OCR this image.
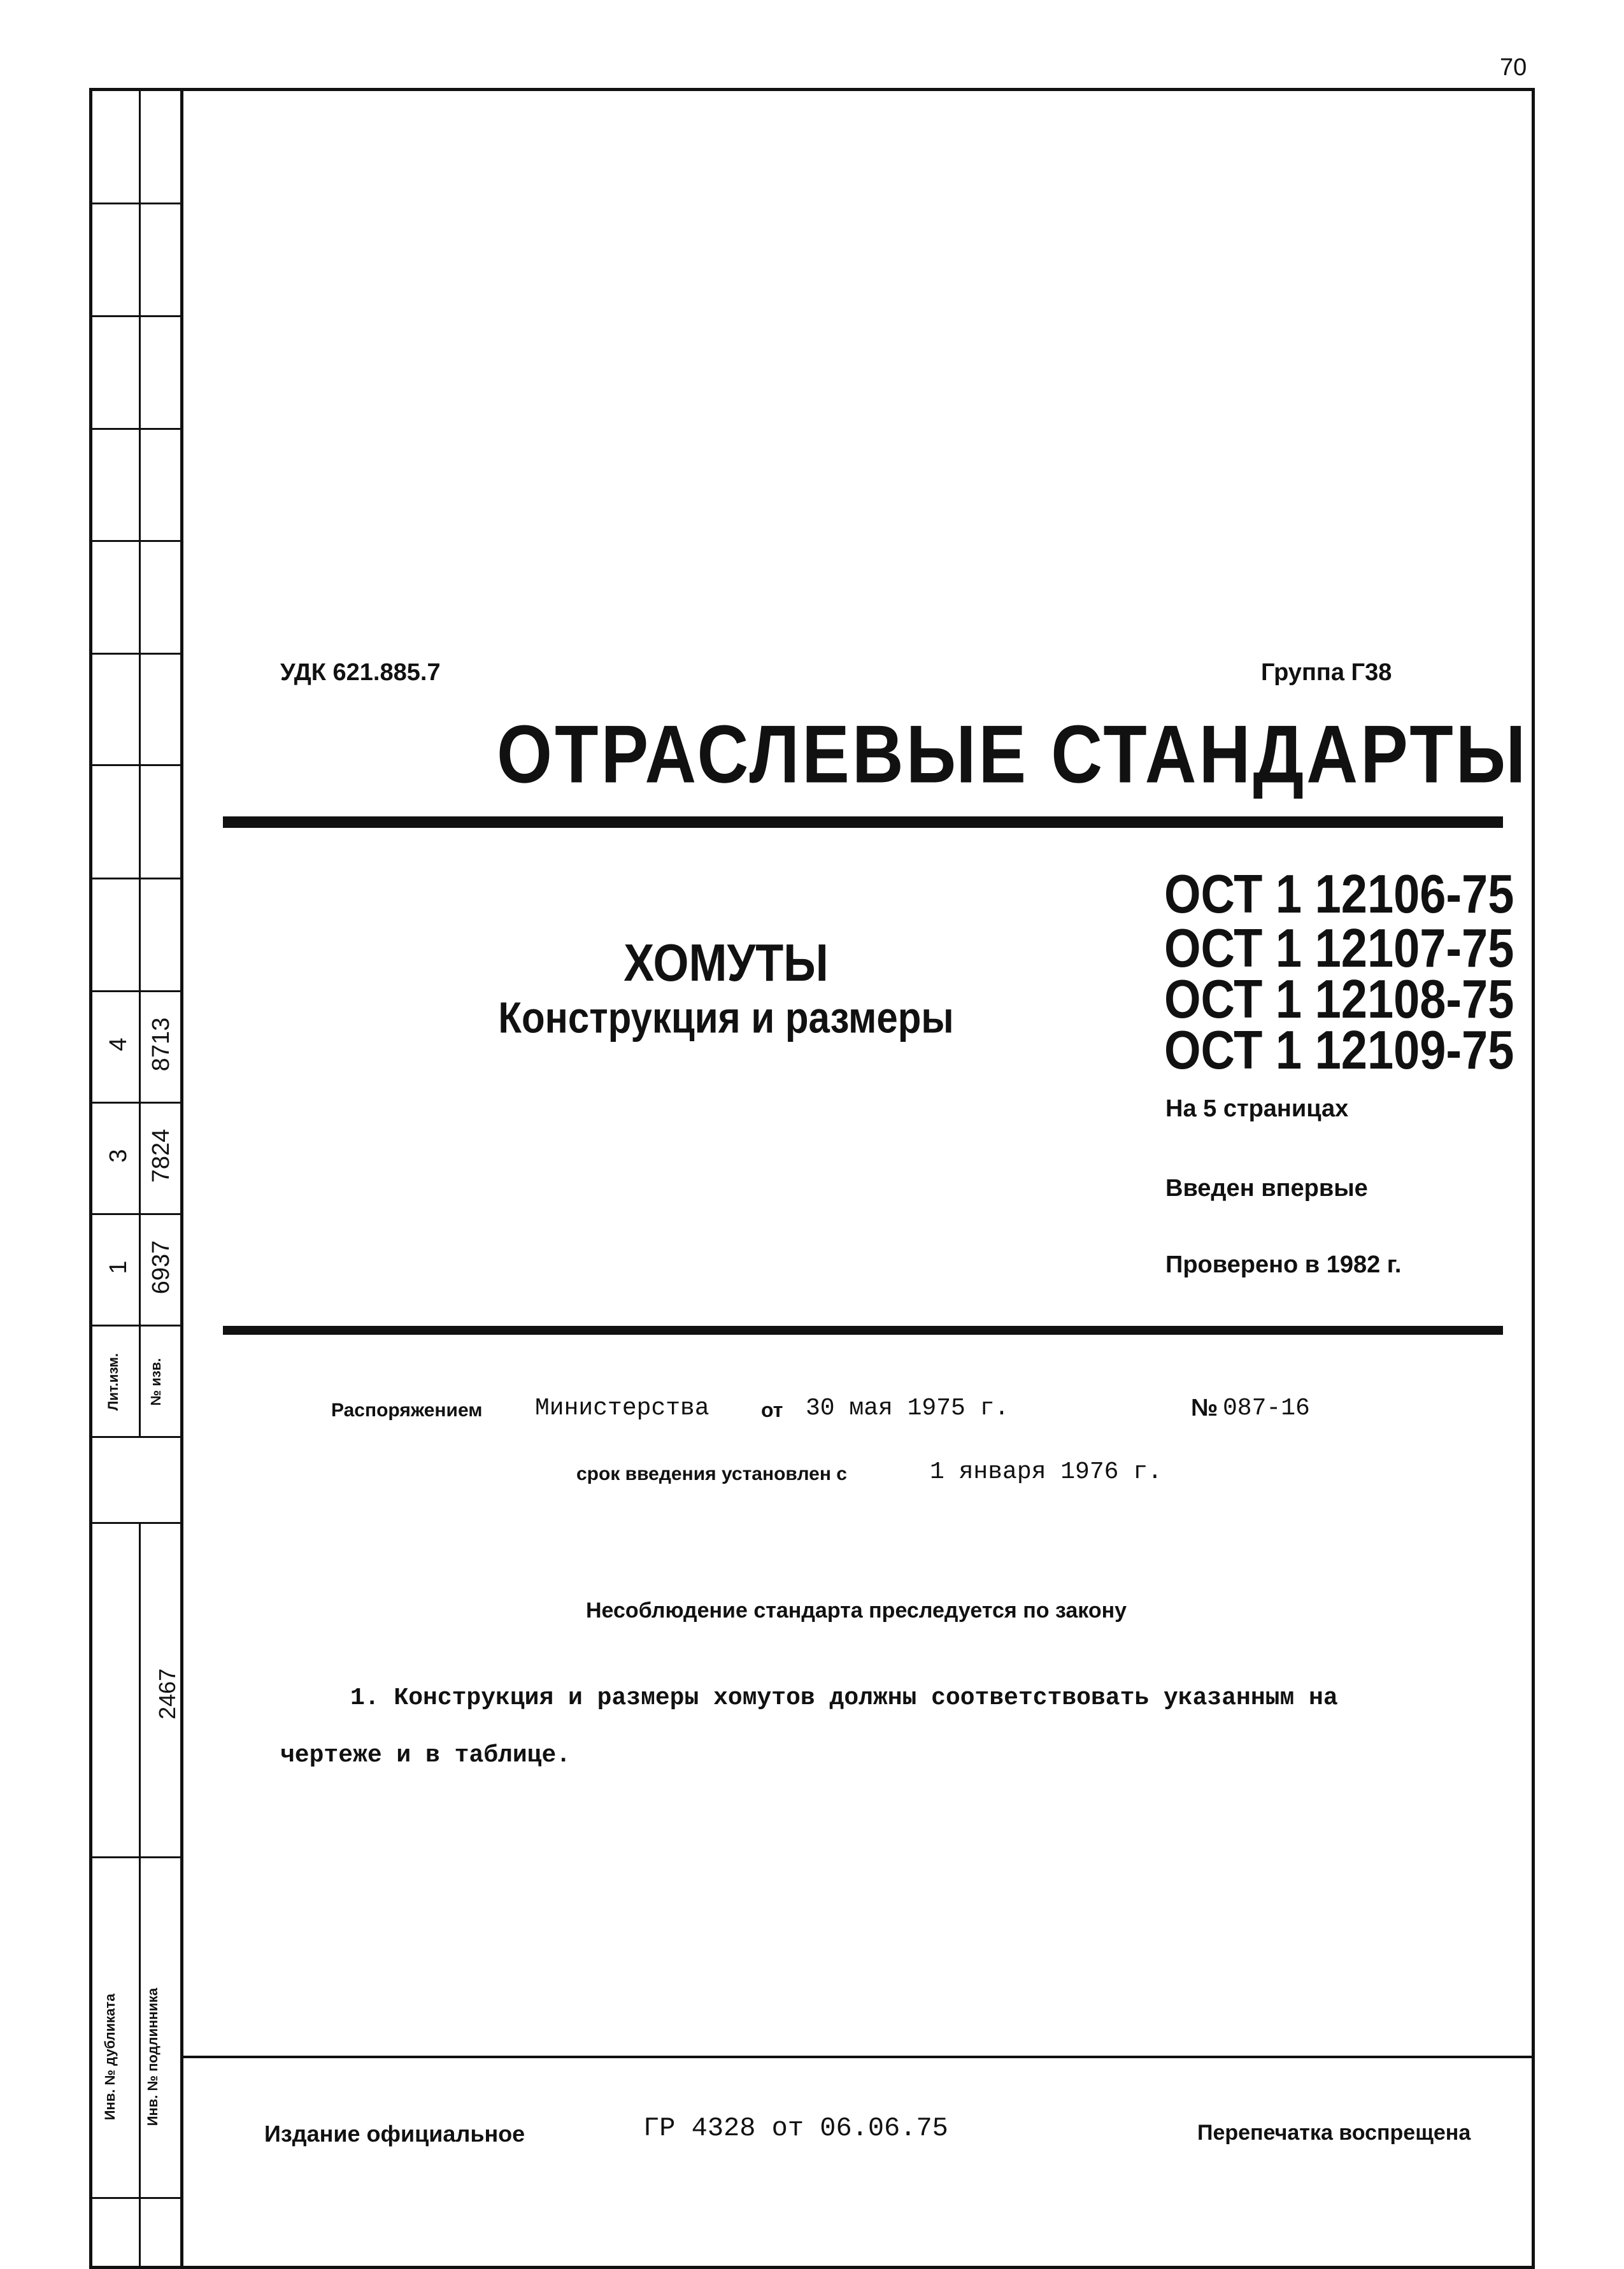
70
4 8713
3 7824
1 6937
Лит.изм.	№ изв.
2467
Инв. № дубликата	Инв. № подлинника
УДК 621.885.7	Группа Г38
ОТРАСЛЕВЫЕ СТАНДАРТЫ
ХОМУТЫ
Конструкция и размеры
ОСТ 1 12106-75
ОСТ 1 12107-75
ОСТ 1 12108-75
ОСТ 1 12109-75
На 5 страницах
Введен впервые
Проверено в 1982 г.
Распоряжением Министерства	от 30 мая 1975 г.	№ 087-16
срок введения установлен с	1 января 1976 г.
Несоблюдение стандарта преследуется по закону
1. Конструкция и размеры хомутов должны соответствовать указанным на
чертеже и в таблице.
Издание официальное	ГР 4328 от 06.06.75	Перепечатка воспрещена
